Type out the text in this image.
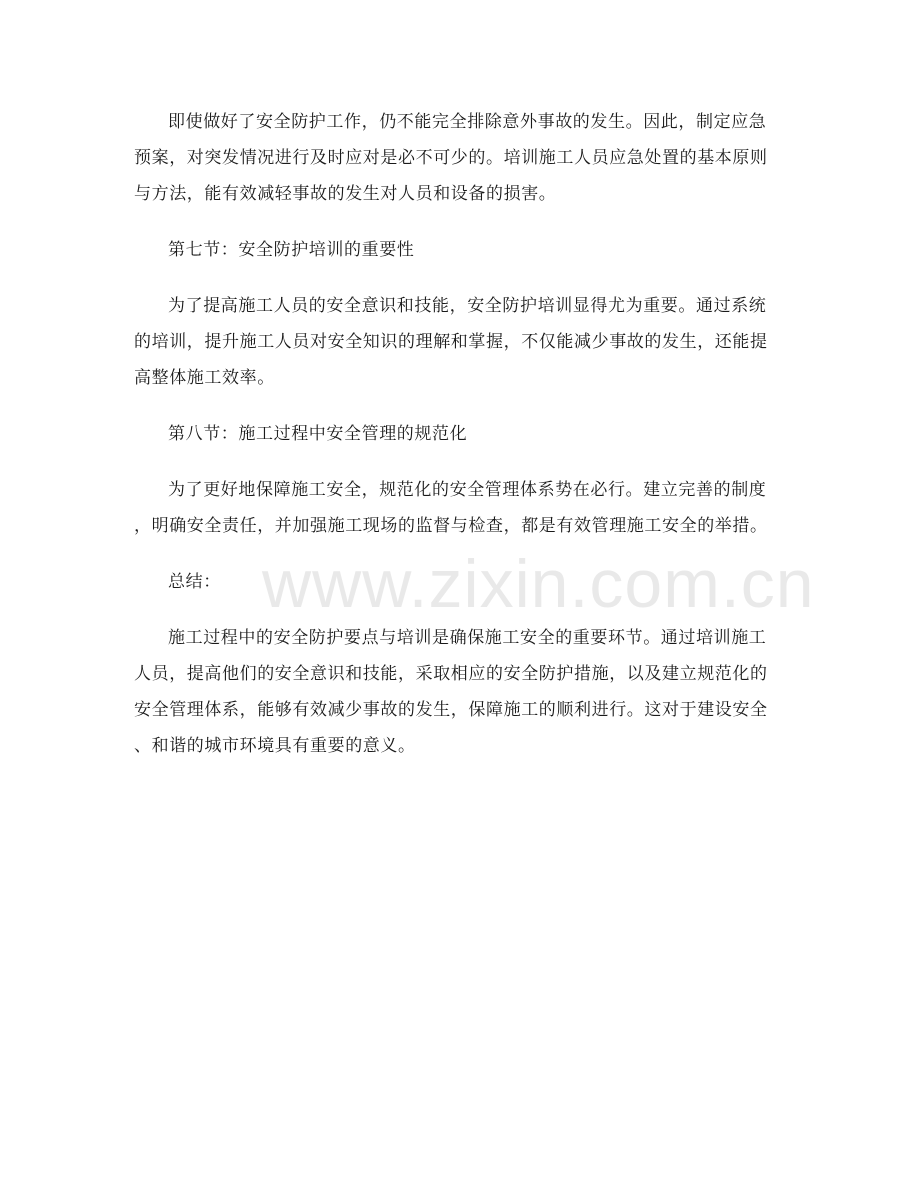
即使做好了安全防护工作，仍不能完全排除意外事故的发生。因此，制定应急
预案，对突发情况进行及时应对是必不可少的。培训施工人员应急处置的基本原则
与方法，能有效减轻事故的发生对人员和设备的损害。

第七节：安全防护培训的重要性

为了提高施工人员的安全意识和技能，安全防护培训显得尤为重要。通过系统
的培训，提升施工人员对安全知识的理解和掌握，不仅能减少事故的发生，还能提
高整体施工效率。

第八节：施工过程中安全管理的规范化

为了更好地保障施工安全，规范化的安全管理体系势在必行。建立完善的制度
，明确安全责任，并加强施工现场的监督与检查，都是有效管理施工安全的举措。

总结：

施工过程中的安全防护要点与培训是确保施工安全的重要环节。通过培训施工
人员，提高他们的安全意识和技能，采取相应的安全防护措施，以及建立规范化的
安全管理体系，能够有效减少事故的发生，保障施工的顺利进行。这对于建设安全
、和谐的城市环境具有重要的意义。

www.zixin.com.cn
